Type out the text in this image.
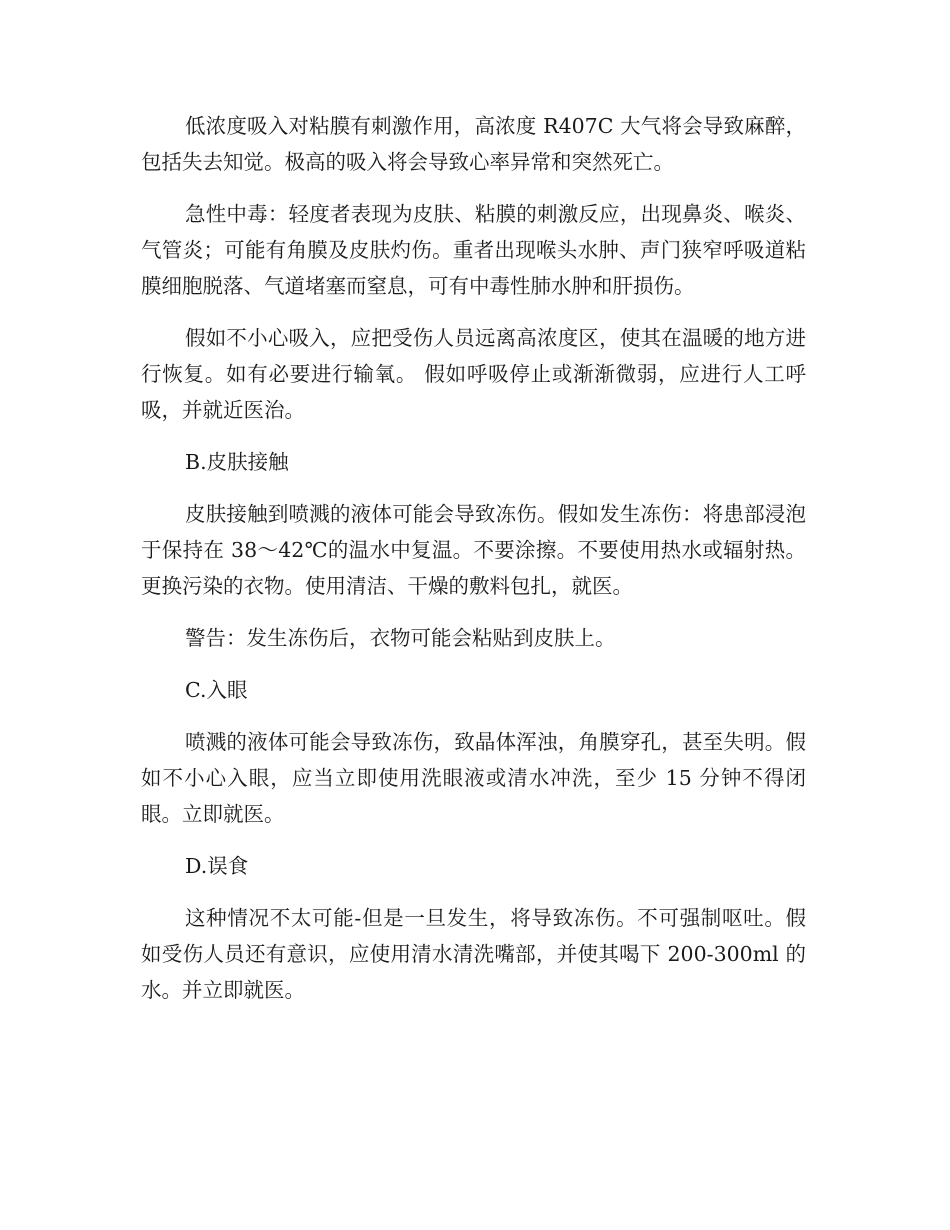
低浓度吸入对粘膜有刺激作用，高浓度 R407C 大气将会导致麻醉，包括失去知觉。极高的吸入将会导致心率异常和突然死亡。

急性中毒：轻度者表现为皮肤、粘膜的刺激反应，出现鼻炎、喉炎、气管炎；可能有角膜及皮肤灼伤。重者出现喉头水肿、声门狭窄呼吸道粘膜细胞脱落、气道堵塞而窒息，可有中毒性肺水肿和肝损伤。

假如不小心吸入，应把受伤人员远离高浓度区，使其在温暖的地方进行恢复。如有必要进行输氧。 假如呼吸停止或渐渐微弱，应进行人工呼吸，并就近医治。

B.皮肤接触

皮肤接触到喷溅的液体可能会导致冻伤。假如发生冻伤：将患部浸泡于保持在 38～42℃的温水中复温。不要涂擦。不要使用热水或辐射热。更换污染的衣物。使用清洁、干燥的敷料包扎，就医。

警告：发生冻伤后，衣物可能会粘贴到皮肤上。

C.入眼

喷溅的液体可能会导致冻伤，致晶体浑浊，角膜穿孔，甚至失明。假如不小心入眼，应当立即使用洗眼液或清水冲洗，至少 15 分钟不得闭眼。立即就医。

D.误食

这种情况不太可能-但是一旦发生，将导致冻伤。不可强制呕吐。假如受伤人员还有意识，应使用清水清洗嘴部，并使其喝下 200-300ml 的水。并立即就医。
